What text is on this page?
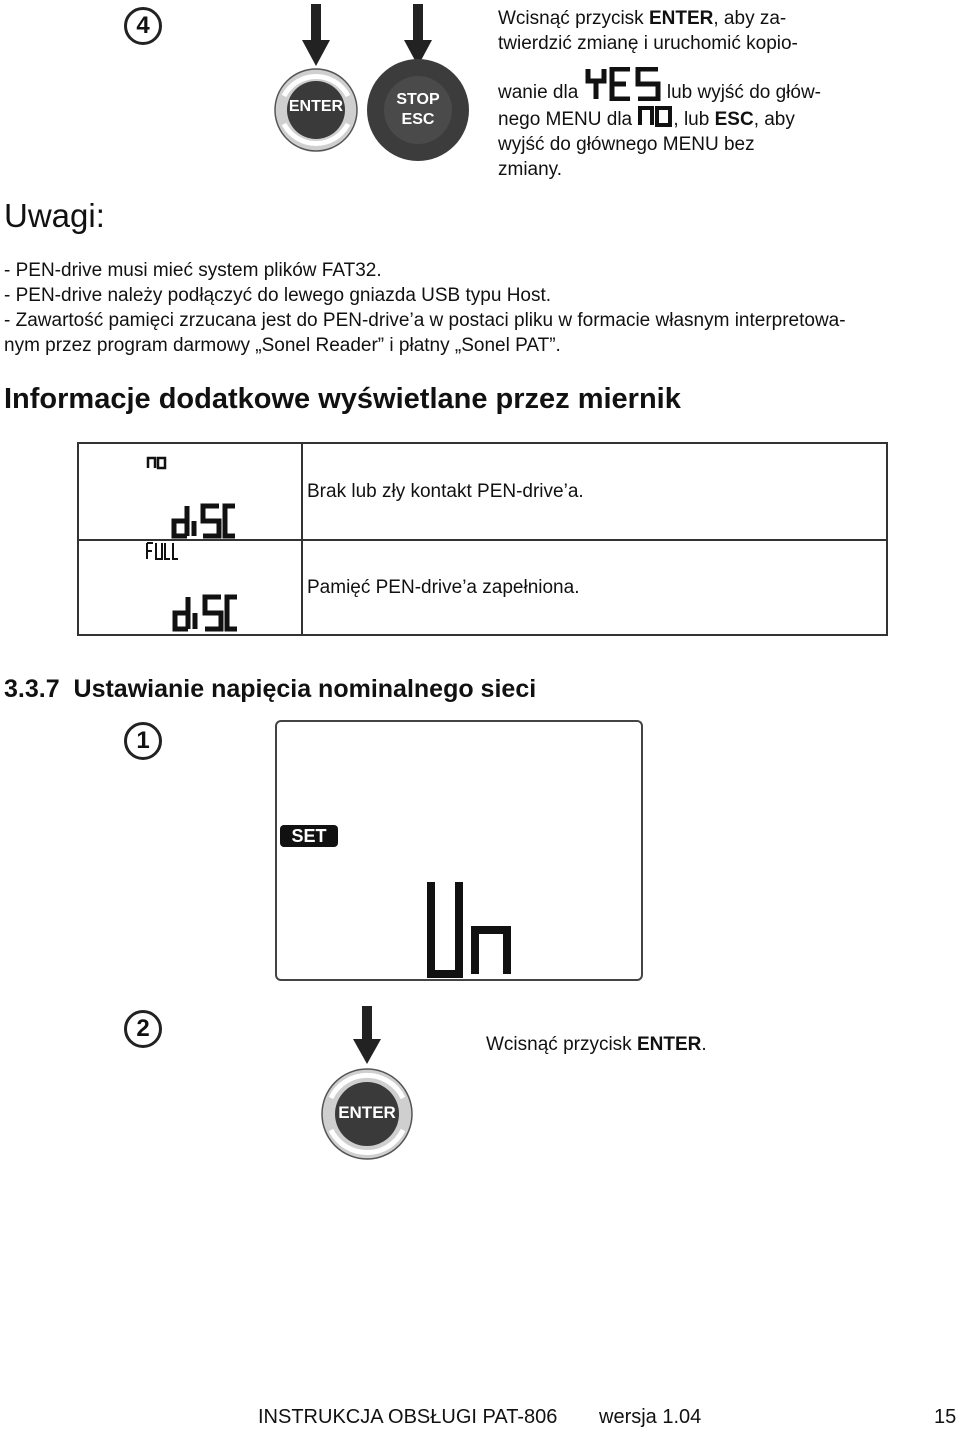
4
ENTER	STOP
ESC
Wcisnąć przycisk ENTER, aby za-
twierdzić zmianę i uruchomić kopio-
wanie dla
YES
lub wyjść do głów-
nego MENU dla , lub ESC, aby
wyjść do głównego MENU bez
zmiany.
Uwagi:
- PEN-drive musi mieć system plików FAT32.
- PEN-drive należy podłączyć do lewego gniazda USB typu Host.
- Zawartość pamięci zrzucana jest do PEN-drive’a w postaci pliku w formacie własnym interpretowa-
nym przez program darmowy „Sonel Reader” i płatny „Sonel PAT”.
Informacje dodatkowe wyświetlane przez miernik
	Brak lub zły kontakt PEN-drive’a.

	Pamięć PEN-drive’a zapełniona.
3.3.7 Ustawianie napięcia nominalnego sieci
1
SET
2
ENTER
Wcisnąć przycisk ENTER.
INSTRUKCJA OBSŁUGI PAT-806 wersja 1.04	15
